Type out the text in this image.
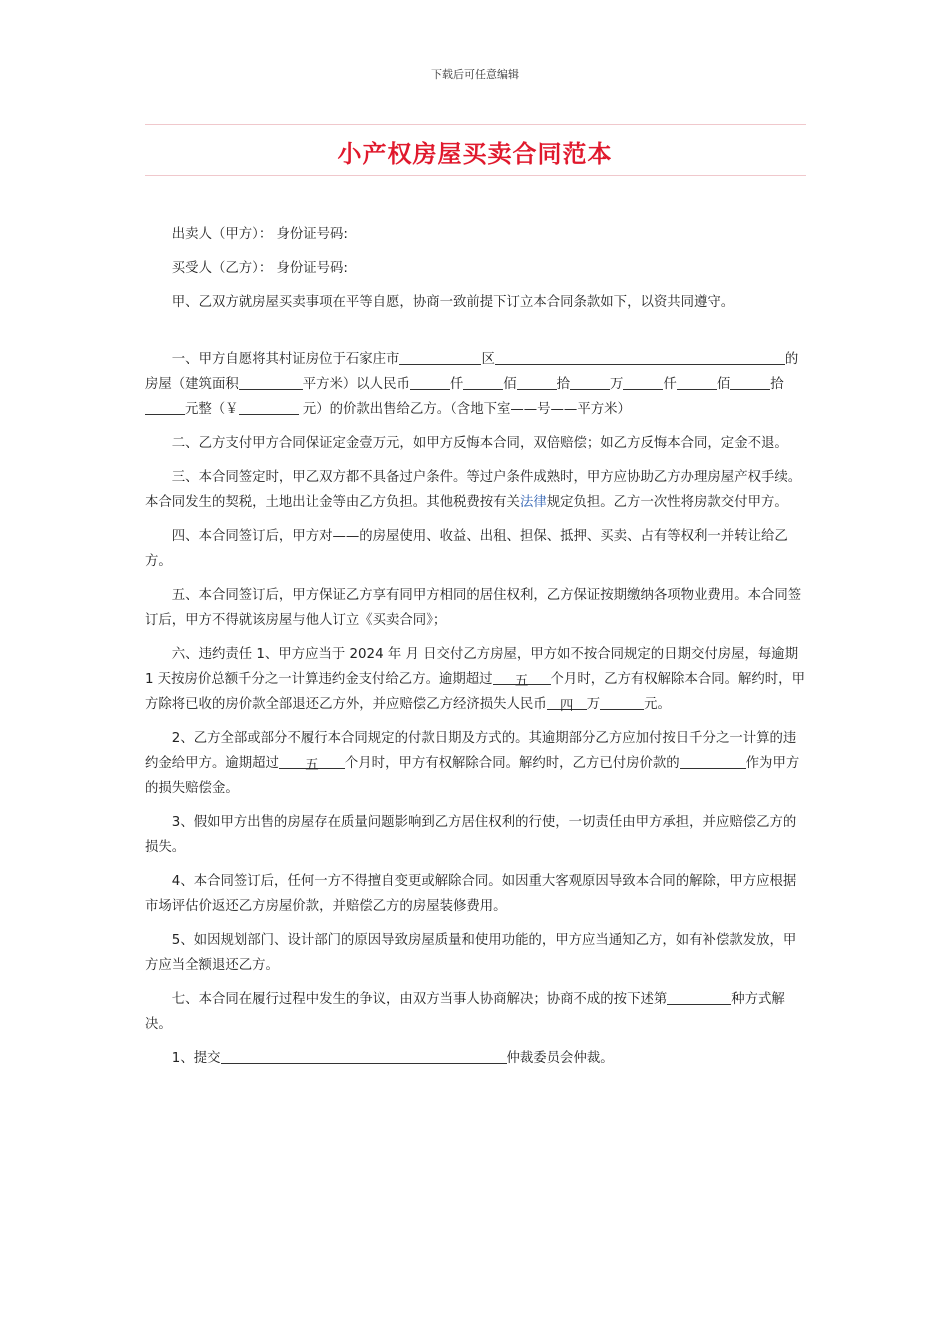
下载后可任意编辑
小产权房屋买卖合同范本

出卖人（甲方）： 身份证号码:

买受人（乙方）： 身份证号码:

甲、乙双方就房屋买卖事项在平等自愿，协商一致前提下订立本合同条款如下，以资共同遵守。

一、甲方自愿将其村证房位于石家庄市	区	的房屋（建筑面积	平方米）以人民币	仟	佰	拾	万	仟	佰	拾元整（￥	元）的价款出售给乙方。（含地下室——号——平方米）

二、乙方支付甲方合同保证定金壹万元，如甲方反悔本合同，双倍赔偿；如乙方反悔本合同，定金不退。

三、本合同签定时，甲乙双方都不具备过户条件。等过户条件成熟时，甲方应协助乙方办理房屋产权手续。本合同发生的契税，土地出让金等由乙方负担。其他税费按有关法律规定负担。乙方一次性将房款交付甲方。

四、本合同签订后，甲方对——的房屋使用、收益、出租、担保、抵押、买卖、占有等权利一并转让给乙方。

五、本合同签订后，甲方保证乙方享有同甲方相同的居住权利，乙方保证按期缴纳各项物业费用。本合同签订后，甲方不得就该房屋与他人订立《买卖合同》；

六、违约责任 1、甲方应当于 2024 年 月 日交付乙方房屋，甲方如不按合同规定的日期交付房屋，每逾期 1 天按房价总额千分之一计算违约金支付给乙方。逾期超过 五 个月时，乙方有权解除本合同。解约时，甲方除将已收的房价款全部退还乙方外，并应赔偿乙方经济损失人民币 四 万	元。

2、乙方全部或部分不履行本合同规定的付款日期及方式的。其逾期部分乙方应加付按日千分之一计算的违约金给甲方。逾期超过 五 个月时，甲方有权解除合同。解约时，乙方已付房价款的	作为甲方的损失赔偿金。

3、假如甲方出售的房屋存在质量问题影响到乙方居住权利的行使，一切责任由甲方承担，并应赔偿乙方的损失。

4、本合同签订后，任何一方不得擅自变更或解除合同。如因重大客观原因导致本合同的解除，甲方应根据市场评估价返还乙方房屋价款，并赔偿乙方的房屋装修费用。

5、如因规划部门、设计部门的原因导致房屋质量和使用功能的，甲方应当通知乙方，如有补偿款发放，甲方应当全额退还乙方。

七、本合同在履行过程中发生的争议，由双方当事人协商解决；协商不成的按下述第	种方式解决。

1、提交	仲裁委员会仲裁。
